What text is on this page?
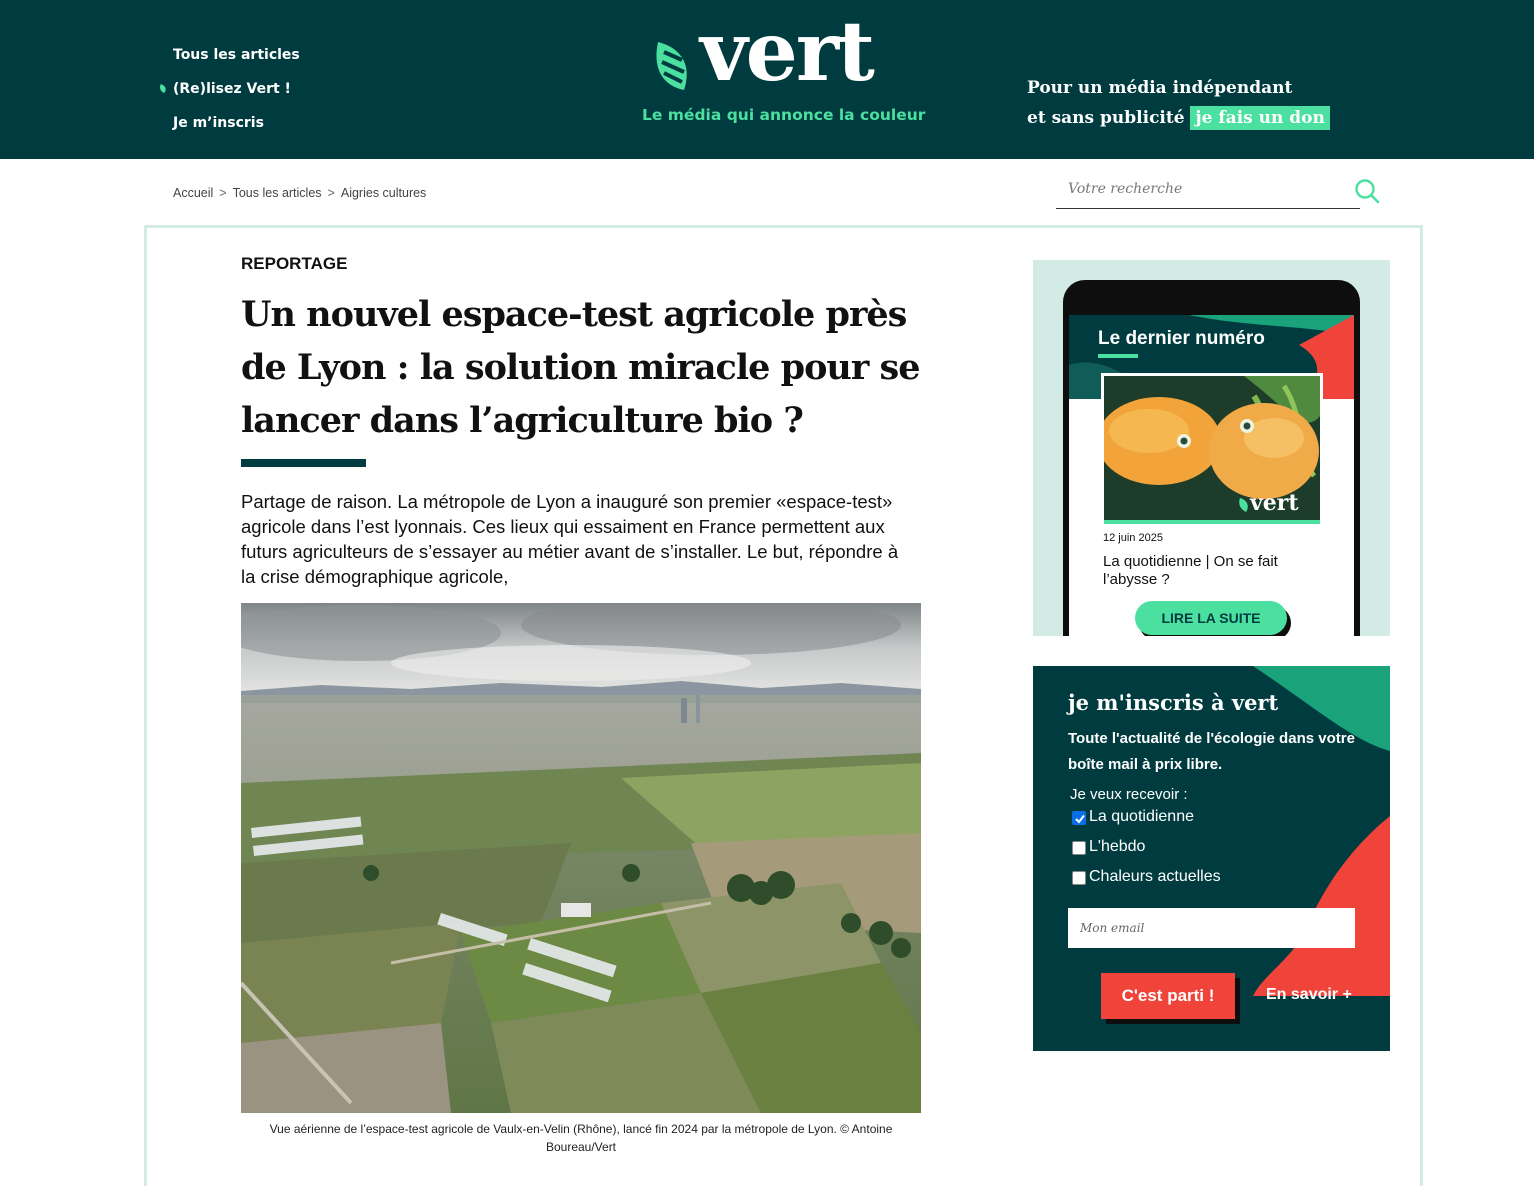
Tous les articles
(Re)lisez Vert !
Je m’inscris
vert
Le média qui annonce la couleur
Pour un média indépendant
et sans publicité je fais un don
Accueil > Tous les articles > Aigries cultures
Votre recherche
REPORTAGE
Un nouvel espace-test agricole près de Lyon : la solution miracle pour se lancer dans l’agriculture bio ?

Partage de raison. La métropole de Lyon a inauguré son premier «espace-test» agricole dans l’est lyonnais. Ces lieux qui essaiment en France permettent aux futurs agriculteurs de s’essayer au métier avant de s’installer. Le but, répondre à la crise démographique agricole,

Vue aérienne de l’espace-test agricole de Vaulx-en-Velin (Rhône), lancé fin 2024 par la métropole de Lyon. © Antoine Boureau/Vert

Le dernier numéro
vert
12 juin 2025
La quotidienne | On se fait l’abysse ?
LIRE LA SUITE
je m'inscris à vert
Toute l'actualité de l'écologie dans votre boîte mail à prix libre.
Je veux recevoir :
La quotidienne
L'hebdo
Chaleurs actuelles
Mon email
C'est parti !	En savoir +
